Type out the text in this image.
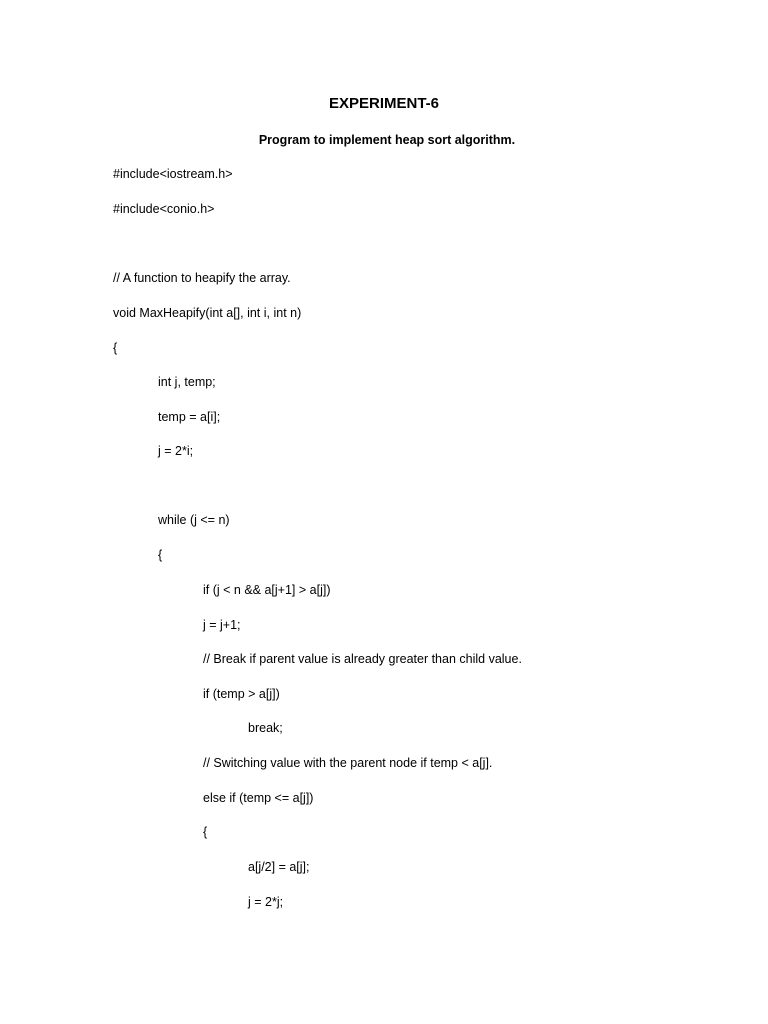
EXPERIMENT-6
Program to implement heap sort algorithm.
#include<iostream.h>
#include<conio.h>
// A function to heapify the array.
void MaxHeapify(int a[], int i, int n)
{
int j, temp;
temp = a[i];
j = 2*i;
while (j <= n)
{
if (j < n && a[j+1] > a[j])
j = j+1;
// Break if parent value is already greater than child value.
if (temp > a[j])
break;
// Switching value with the parent node if temp < a[j].
else if (temp <= a[j])
{
a[j/2] = a[j];
j = 2*j;
